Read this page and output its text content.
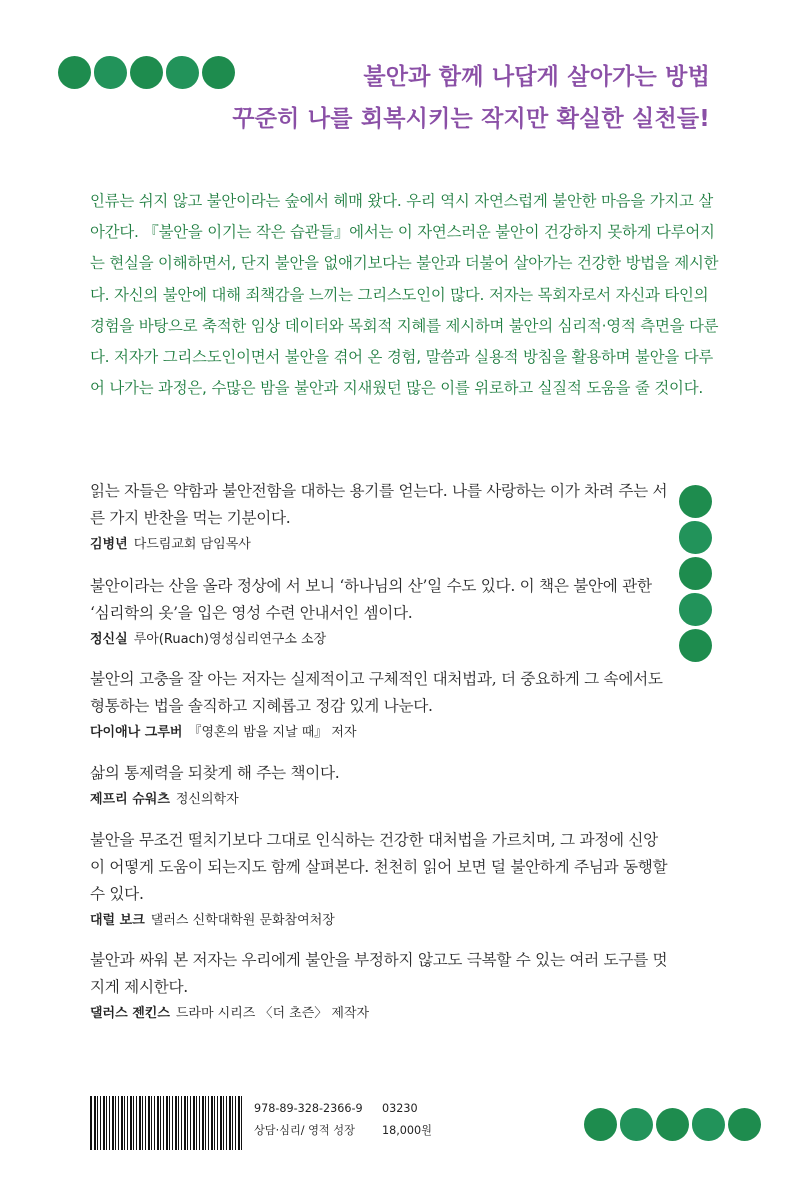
불안과 함께 나답게 살아가는 방법
꾸준히 나를 회복시키는 작지만 확실한 실천들!
인류는 쉬지 않고 불안이라는 숲에서 헤매 왔다. 우리 역시 자연스럽게 불안한 마음을 가지고 살아간다. 『불안을 이기는 작은 습관들』에서는 이 자연스러운 불안이 건강하지 못하게 다루어지는 현실을 이해하면서, 단지 불안을 없애기보다는 불안과 더불어 살아가는 건강한 방법을 제시한다. 자신의 불안에 대해 죄책감을 느끼는 그리스도인이 많다. 저자는 목회자로서 자신과 타인의 경험을 바탕으로 축적한 임상 데이터와 목회적 지혜를 제시하며 불안의 심리적·영적 측면을 다룬다. 저자가 그리스도인이면서 불안을 겪어 온 경험, 말씀과 실용적 방침을 활용하며 불안을 다루어 나가는 과정은, 수많은 밤을 불안과 지새웠던 많은 이를 위로하고 실질적 도움을 줄 것이다.
읽는 자들은 약함과 불안전함을 대하는 용기를 얻는다. 나를 사랑하는 이가 차려 주는 서른 가지 반찬을 먹는 기분이다.
김병년 다드림교회 담임목사
불안이라는 산을 올라 정상에 서 보니 ‘하나님의 산’일 수도 있다. 이 책은 불안에 관한 ‘심리학의 옷’을 입은 영성 수련 안내서인 셈이다.
정신실 루아(Ruach)영성심리연구소 소장
불안의 고충을 잘 아는 저자는 실제적이고 구체적인 대처법과, 더 중요하게 그 속에서도 형통하는 법을 솔직하고 지혜롭고 정감 있게 나눈다.
다이애나 그루버 『영혼의 밤을 지날 때』 저자
삶의 통제력을 되찾게 해 주는 책이다.
제프리 슈워츠 정신의학자
불안을 무조건 떨치기보다 그대로 인식하는 건강한 대처법을 가르치며, 그 과정에 신앙이 어떻게 도움이 되는지도 함께 살펴본다. 천천히 읽어 보면 덜 불안하게 주님과 동행할 수 있다.
대럴 보크 댈러스 신학대학원 문화참여처장
불안과 싸워 본 저자는 우리에게 불안을 부정하지 않고도 극복할 수 있는 여러 도구를 멋지게 제시한다.
댈러스 젠킨스 드라마 시리즈 〈더 초즌〉 제작자
978-89-328-2366-9 03230
상담·심리/ 영적 성장 18,000원
